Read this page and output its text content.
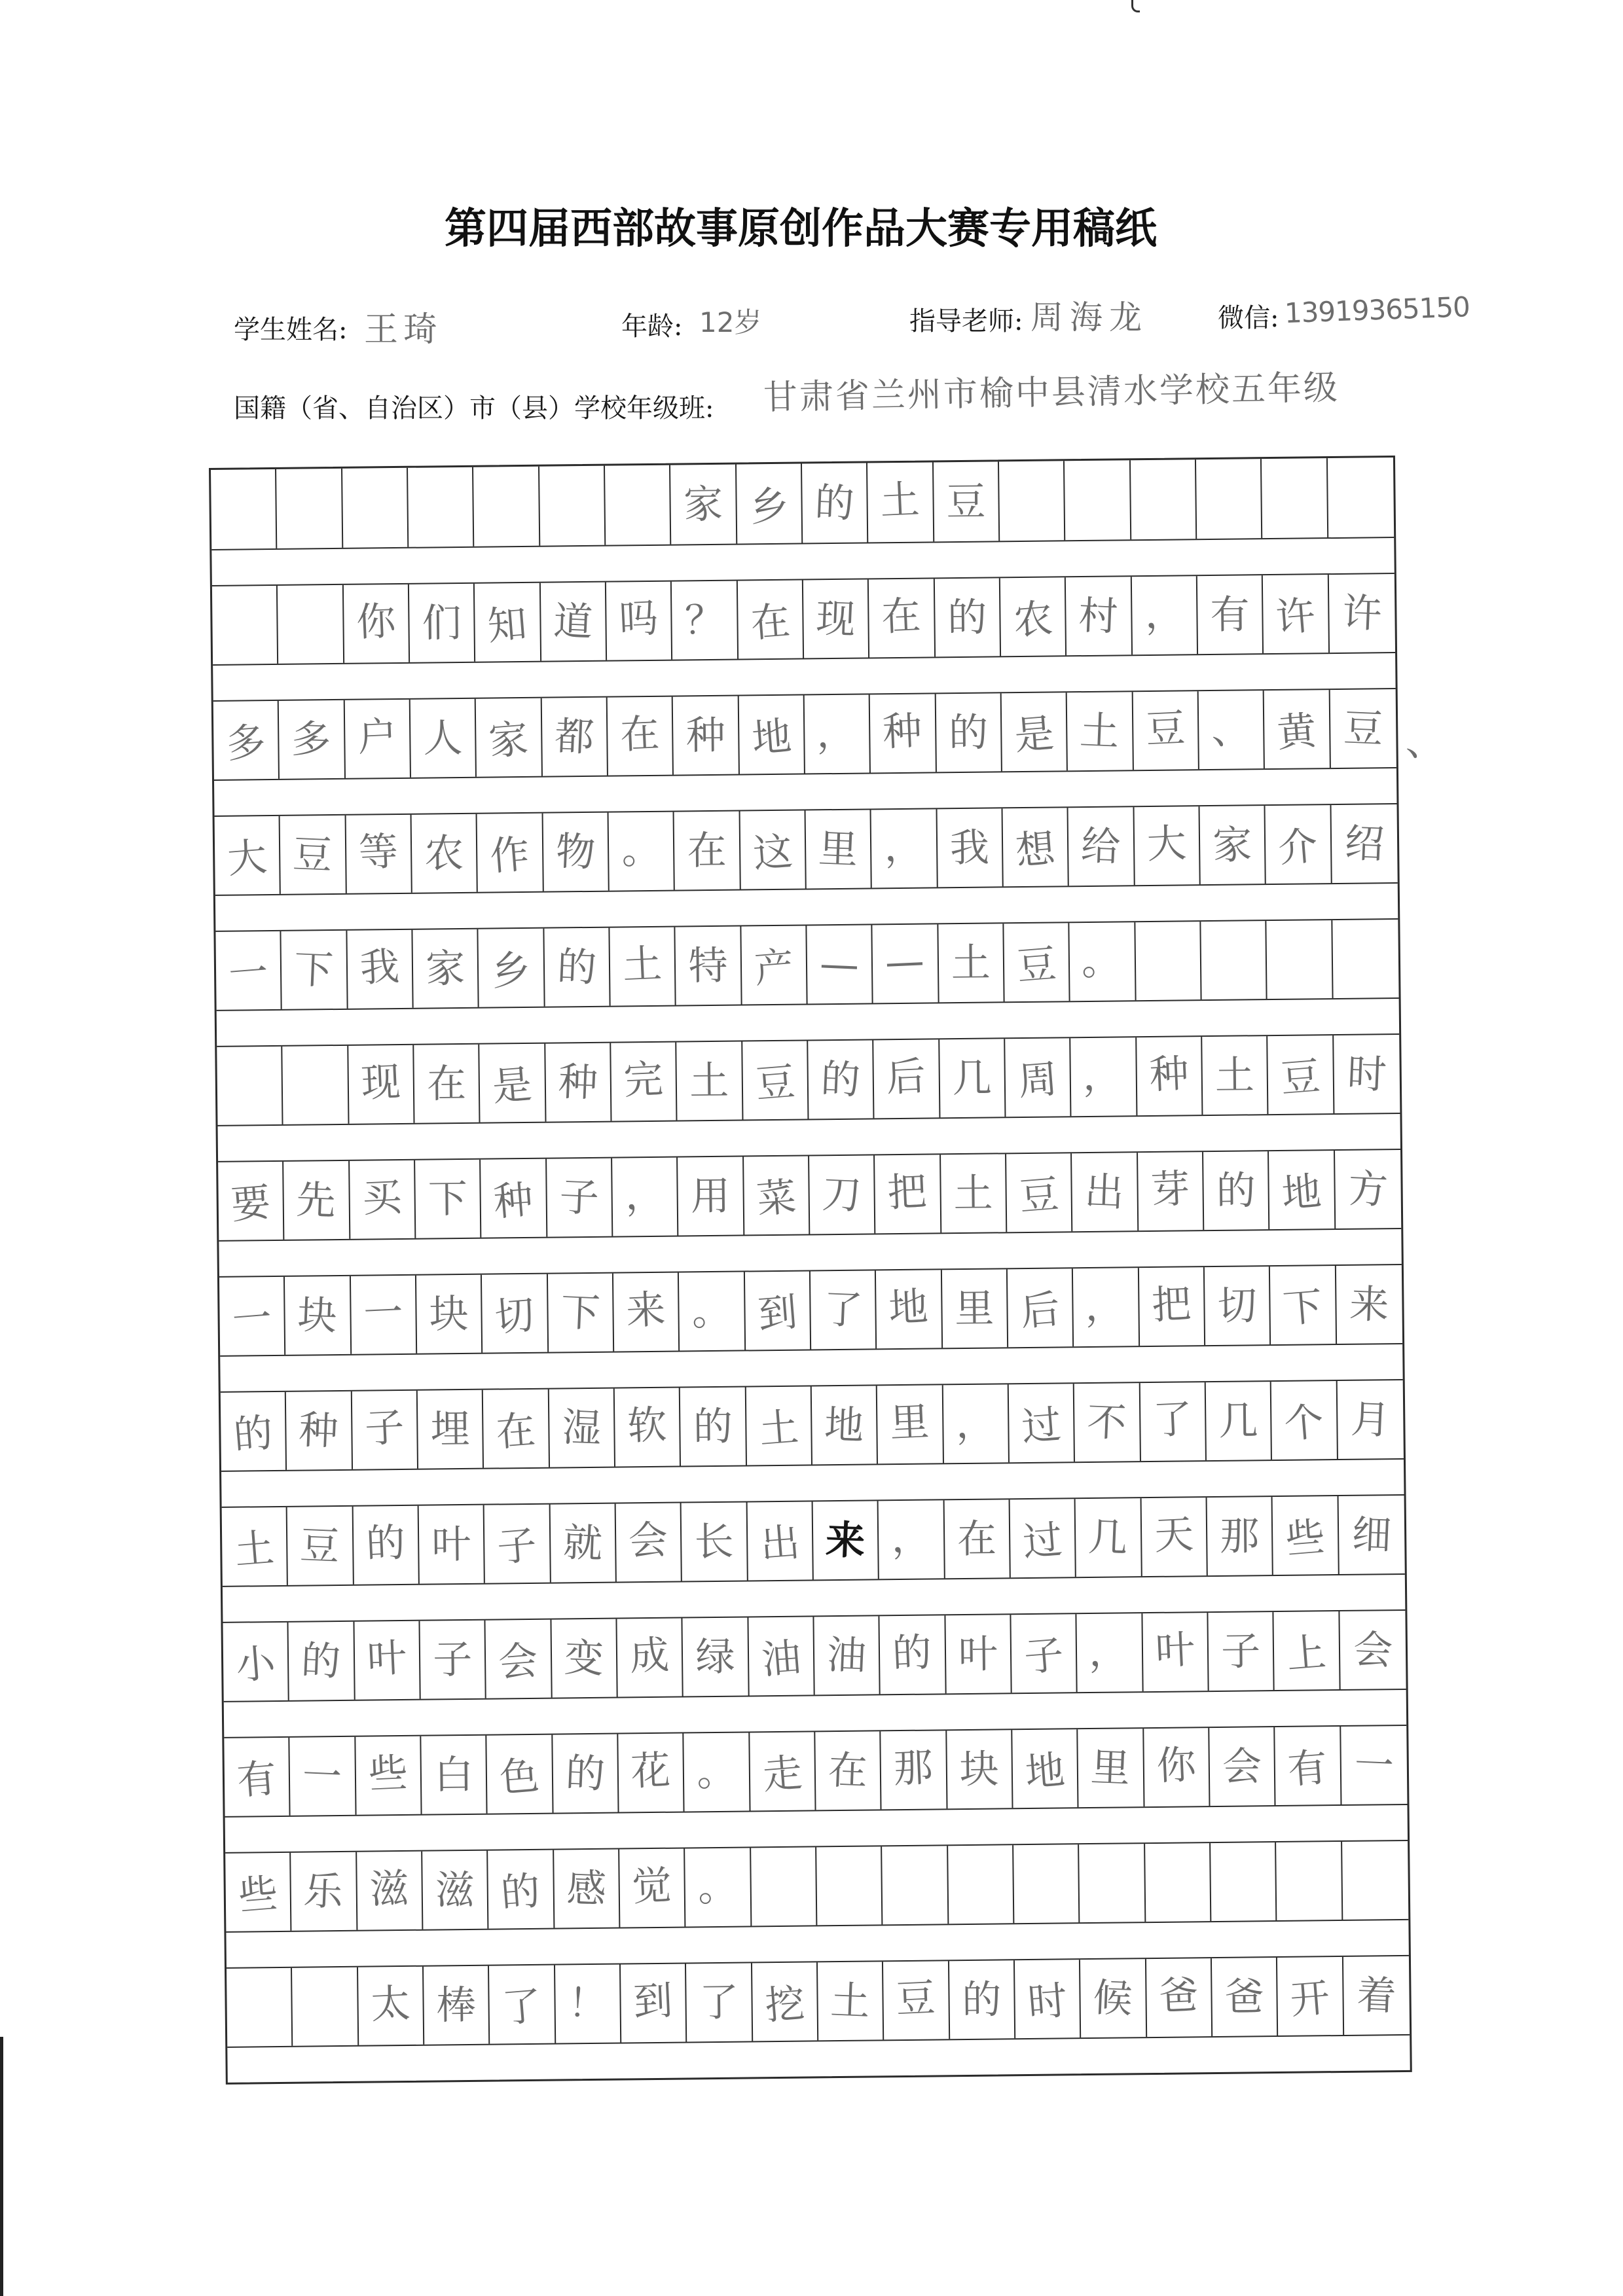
第四届西部故事原创作品大赛专用稿纸
学生姓名: 王琦	年龄: 12岁	指导老师: 周海龙	微信: 13919365150
国籍（省、自治区）市（县）学校年级班: 甘肃省兰州市榆中县清水学校五年级
家 乡 的 土 豆
你 们 知 道 吗 ？ 在 现 在 的 农 村 ， 有 许 许
多 多 户 人 家 都 在 种 地 ， 种 的 是 土 豆 、 黄 豆 、
大 豆 等 农 作 物 。 在 这 里 ， 我 想 给 大 家 介 绍
一 下 我 家 乡 的 土 特 产 — — 土 豆 。
现 在 是 种 完 土 豆 的 后 几 周 ， 种 土 豆 时
要 先 买 下 种 子 ， 用 菜 刀 把 土 豆 出 芽 的 地 方
一 块 一 块 切 下 来 。 到 了 地 里 后 ， 把 切 下 来
的 种 子 埋 在 湿 软 的 土 地 里 ， 过 不 了 几 个 月
土 豆 的 叶 子 就 会 长 出 来 ， 在 过 几 天 那 些 细
小 的 叶 子 会 变 成 绿 油 油 的 叶 子 ， 叶 子 上 会
有 一 些 白 色 的 花 。 走 在 那 块 地 里 你 会 有 一
些 乐 滋 滋 的 感 觉 。
太 棒 了 ！ 到 了 挖 土 豆 的 时 候 爸 爸 开 着
